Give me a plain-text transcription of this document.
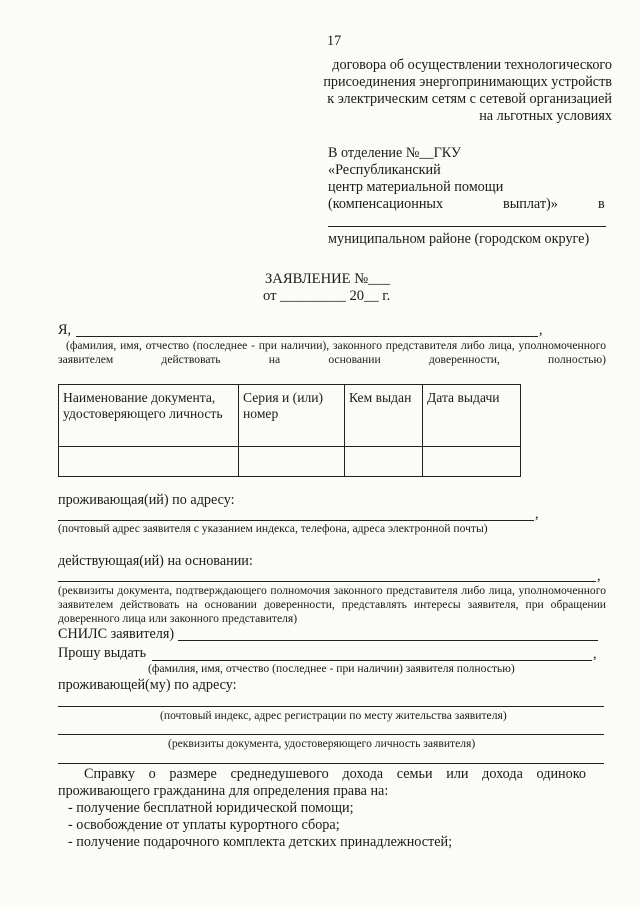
17
договора об осуществлении технологического
присоединения энергопринимающих устройств
к электрическим сетям с сетевой организацией
на льготных условиях
В отделение №__ГКУ
«Республиканский
центр материальной помощи
(компенсационных	выплат)»	в
муниципальном районе (городском округе)
ЗАЯВЛЕНИЕ №___
от _________ 20__ г.
Я,	,
(фамилия, имя, отчество (последнее - при наличии), законного представителя либо лица, уполномоченного заявителем действовать на основании доверенности, полностью)
Наименование документа, удостоверяющего личность	Серия и (или) номер	Кем выдан	Дата выдачи

проживающая(ий) по адресу:
,
(почтовый адрес заявителя с указанием индекса, телефона, адреса электронной почты)
действующая(ий) на основании:
,
(реквизиты документа, подтверждающего полномочия законного представителя либо лица, уполномоченного заявителем действовать на основании доверенности, представлять интересы заявителя, при обращении доверенного лица или законного представителя)
СНИЛС заявителя)
Прошу выдать	,
(фамилия, имя, отчество (последнее - при наличии) заявителя полностью)
проживающей(му) по адресу:
(почтовый индекс, адрес регистрации по месту жительства заявителя)
(реквизиты документа, удостоверяющего личность заявителя)
Справку о размере среднедушевого дохода семьи или дохода одиноко
проживающего гражданина для определения права на:
- получение бесплатной юридической помощи;
- освобождение от уплаты курортного сбора;
- получение подарочного комплекта детских принадлежностей;
